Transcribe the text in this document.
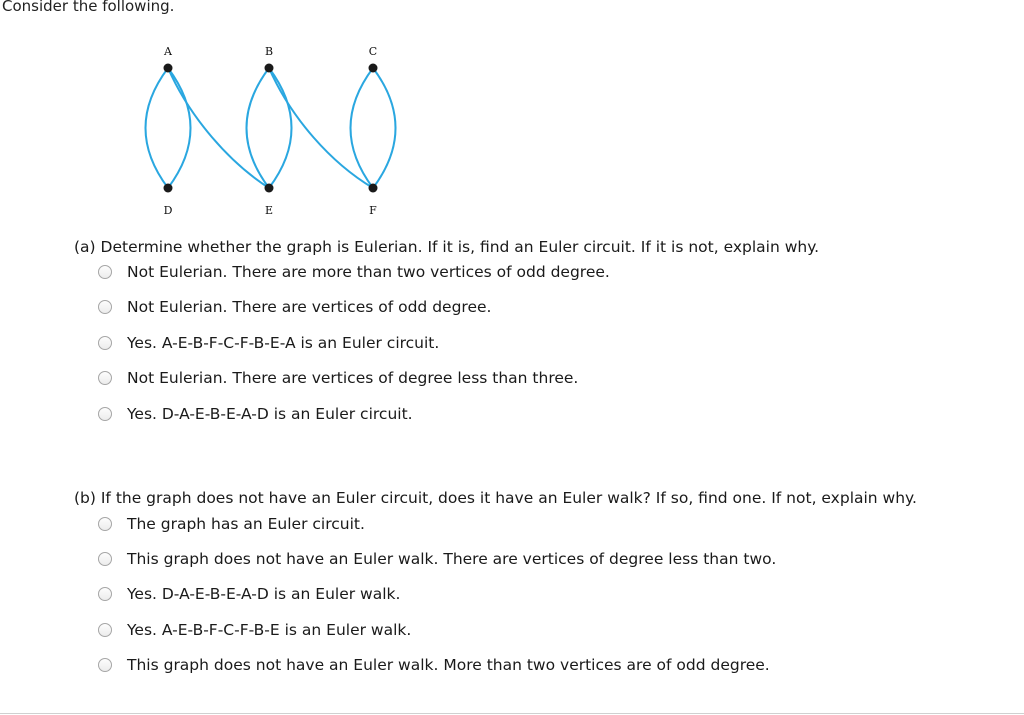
Consider the following.
A	B	C
D	E	F
(a) Determine whether the graph is Eulerian. If it is, find an Euler circuit. If it is not, explain why.
Not Eulerian. There are more than two vertices of odd degree.
Not Eulerian. There are vertices of odd degree.
Yes. A-E-B-F-C-F-B-E-A is an Euler circuit.
Not Eulerian. There are vertices of degree less than three.
Yes. D-A-E-B-E-A-D is an Euler circuit.
(b) If the graph does not have an Euler circuit, does it have an Euler walk? If so, find one. If not, explain why.
The graph has an Euler circuit.
This graph does not have an Euler walk. There are vertices of degree less than two.
Yes. D-A-E-B-E-A-D is an Euler walk.
Yes. A-E-B-F-C-F-B-E is an Euler walk.
This graph does not have an Euler walk. More than two vertices are of odd degree.
